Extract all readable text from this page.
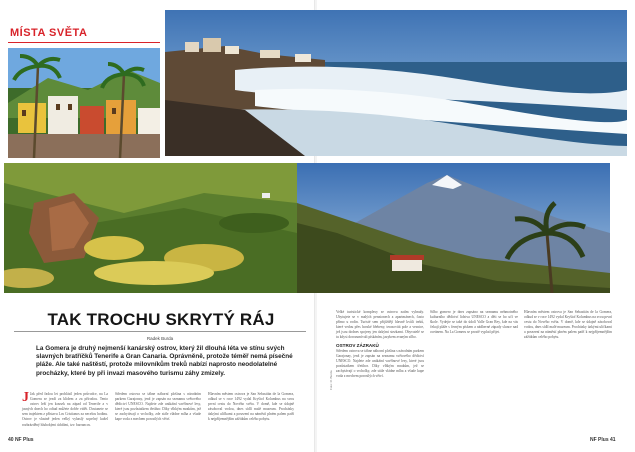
MÍSTA SVĚTA
TAK TROCHU SKRYTÝ RÁJ
Radek Burda
La Gomera je druhý nejmenší kanárský ostrov, který žil dlouhá léta ve stínu svých slavných bratříčků Tenerife a Gran Canaria. Oprávněně, protože téměř nemá písečné pláže. Ale také naštěstí, protože milovníkům treků nabízí naprosto neodolatelné procházky, které by při invazi masového turismu záhy zmizely.
J Jak před řadou let prohlásil jeden průvodce, na La Gomeru se jezdí za klidem a za přírodou. Tento ostrov leží jen kousek na západ od Tenerife a v jasných dnech ho odtud můžete dobře vidět. Dostanete se sem trajektem z přístavu Los Cristianos za necelou hodinu. Ostrov je vlastně jeden velký vyhaslý sopečný kužel rozbrázděný hlubokými údolími, tzv. barrancos.
Středem ostrova se táhne náhorní plošina s národním parkem Garajonay, jenž je zapsán na seznamu světového dědictví UNESCO. Najdete zde unikátní vavřínové lesy, které jsou pozůstatkem třetihor. Díky vlhkým mrakům, jež se zachytávají o vrcholky, zde stále vládne mlha a všude kape voda z mechem porostlých větví.
Hlavním městem ostrova je San Sebastián de la Gomera, odkud se v roce 1492 vydal Kryštof Kolumbus na svou první cestu do Nového světa. V domě, kde se údajně zásoboval vodou, dnes sídlí malé muzeum. Procházky úzkými uličkami a posezení na náměstí plném palem patří k nejpříjemnějším zážitkům celého pobytu.
40 NF Plus
Velké turistické komplexy se ostrovu zatím vyhnuly. Ubytujete se v malých penzionech a apartmánech, často přímo u rodin. Turisté sem přijíždějí hlavně kvůli treků, které vedou přes horské hřebeny, terasovitá pole a vesnice, jež jsou dodnes spojeny jen úzkými stezkami. Obyvatelé se tu kdysi dorozumívali pískáním, jazykem zvaným silbo.
OSTROV ZÁZRAKŮ
Středem ostrova se táhne náhorní plošina s národním parkem Garajonay, jenž je zapsán na seznamu světového dědictví UNESCO. Najdete zde unikátní vavřínové lesy, které jsou pozůstatkem třetihor. Díky vlhkým mrakům, jež se zachytávají o vrcholky, zde stále vládne mlha a všude kape voda z mechem porostlých větví.
Silbo gomero je dnes zapsáno na seznamu nehmotného kulturního dědictví lidstva UNESCO a děti se ho učí ve škole. Vydejte se také do údolí Valle Gran Rey, kde na vás čekají pláže s černým pískem a nádherné západy slunce nad oceánem. Na La Gomeru se prostě vyplatí přijet.
Hlavním městem ostrova je San Sebastián de la Gomera, odkud se v roce 1492 vydal Kryštof Kolumbus na svou první cestu do Nového světa. V domě, kde se údajně zásoboval vodou, dnes sídlí malé muzeum. Procházky úzkými uličkami a posezení na náměstí plném palem patří k nejpříjemnějším zážitkům celého pobytu.
Foto: R. Burda
NF Plus 41
